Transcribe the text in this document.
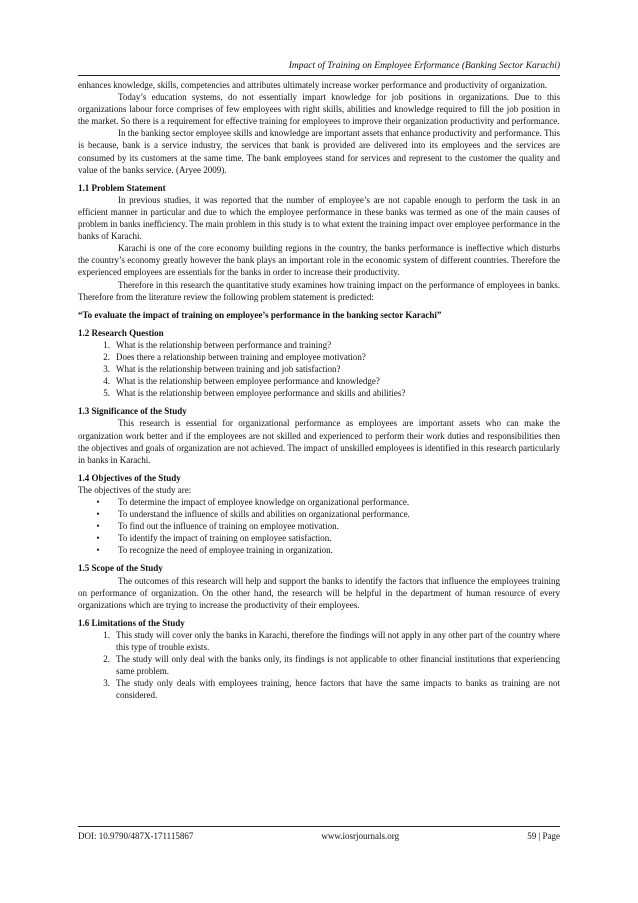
Impact of Training on Employee Erformance (Banking Sector Karachi)

enhances knowledge, skills, competencies and attributes ultimately increase worker performance and productivity of organization.

Today’s education systems, do not essentially impart knowledge for job positions in organizations. Due to this organizations labour force comprises of few employees with right skills, abilities and knowledge required to fill the job position in the market. So there is a requirement for effective training for employees to improve their organization productivity and performance.

In the banking sector employee skills and knowledge are important assets that enhance productivity and performance. This is because, bank is a service industry, the services that bank is provided are delivered into its employees and the services are consumed by its customers at the same time. The bank employees stand for services and represent to the customer the quality and value of the banks service. (Aryee 2009).

1.1 Problem Statement

In previous studies, it was reported that the number of employee’s are not capable enough to perform the task in an efficient manner in particular and due to which the employee performance in these banks was termed as one of the main causes of problem in banks inefficiency. The main problem in this study is to what extent the training impact over employee performance in the banks of Karachi.

Karachi is one of the core economy building regions in the country, the banks performance is ineffective which disturbs the country’s economy greatly however the bank plays an important role in the economic system of different countries. Therefore the experienced employees are essentials for the banks in order to increase their productivity.

Therefore in this research the quantitative study examines how training impact on the performance of employees in banks. Therefore from the literature review the following problem statement is predicted:

“To evaluate the impact of training on employee’s performance in the banking sector Karachi”

1.2 Research Question
1. What is the relationship between performance and training?
2. Does there a relationship between training and employee motivation?
3. What is the relationship between training and job satisfaction?
4. What is the relationship between employee performance and knowledge?
5. What is the relationship between employee performance and skills and abilities?
1.3 Significance of the Study

This research is essential for organizational performance as employees are important assets who can make the organization work better and if the employees are not skilled and experienced to perform their work duties and responsibilities then the objectives and goals of organization are not achieved. The impact of unskilled employees is identified in this research particularly in banks in Karachi.

1.4 Objectives of the Study

The objectives of the study are:

•	To determine the impact of employee knowledge on organizational performance.
•	To understand the influence of skills and abilities on organizational performance.
•	To find out the influence of training on employee motivation.
•	To identify the impact of training on employee satisfaction.
•	To recognize the need of employee training in organization.
1.5 Scope of the Study

The outcomes of this research will help and support the banks to identify the factors that influence the employees training on performance of organization. On the other hand, the research will be helpful in the department of human resource of every organizations which are trying to increase the productivity of their employees.

1.6 Limitations of the Study
1. This study will cover only the banks in Karachi, therefore the findings will not apply in any other part of the country where this type of trouble exists.
2. The study will only deal with the banks only, its findings is not applicable to other financial institutions that experiencing same problem.
3. The study only deals with employees training, hence factors that have the same impacts to banks as training are not considered.
DOI: 10.9790/487X-171115867	www.iosrjournals.org	59 | Page
